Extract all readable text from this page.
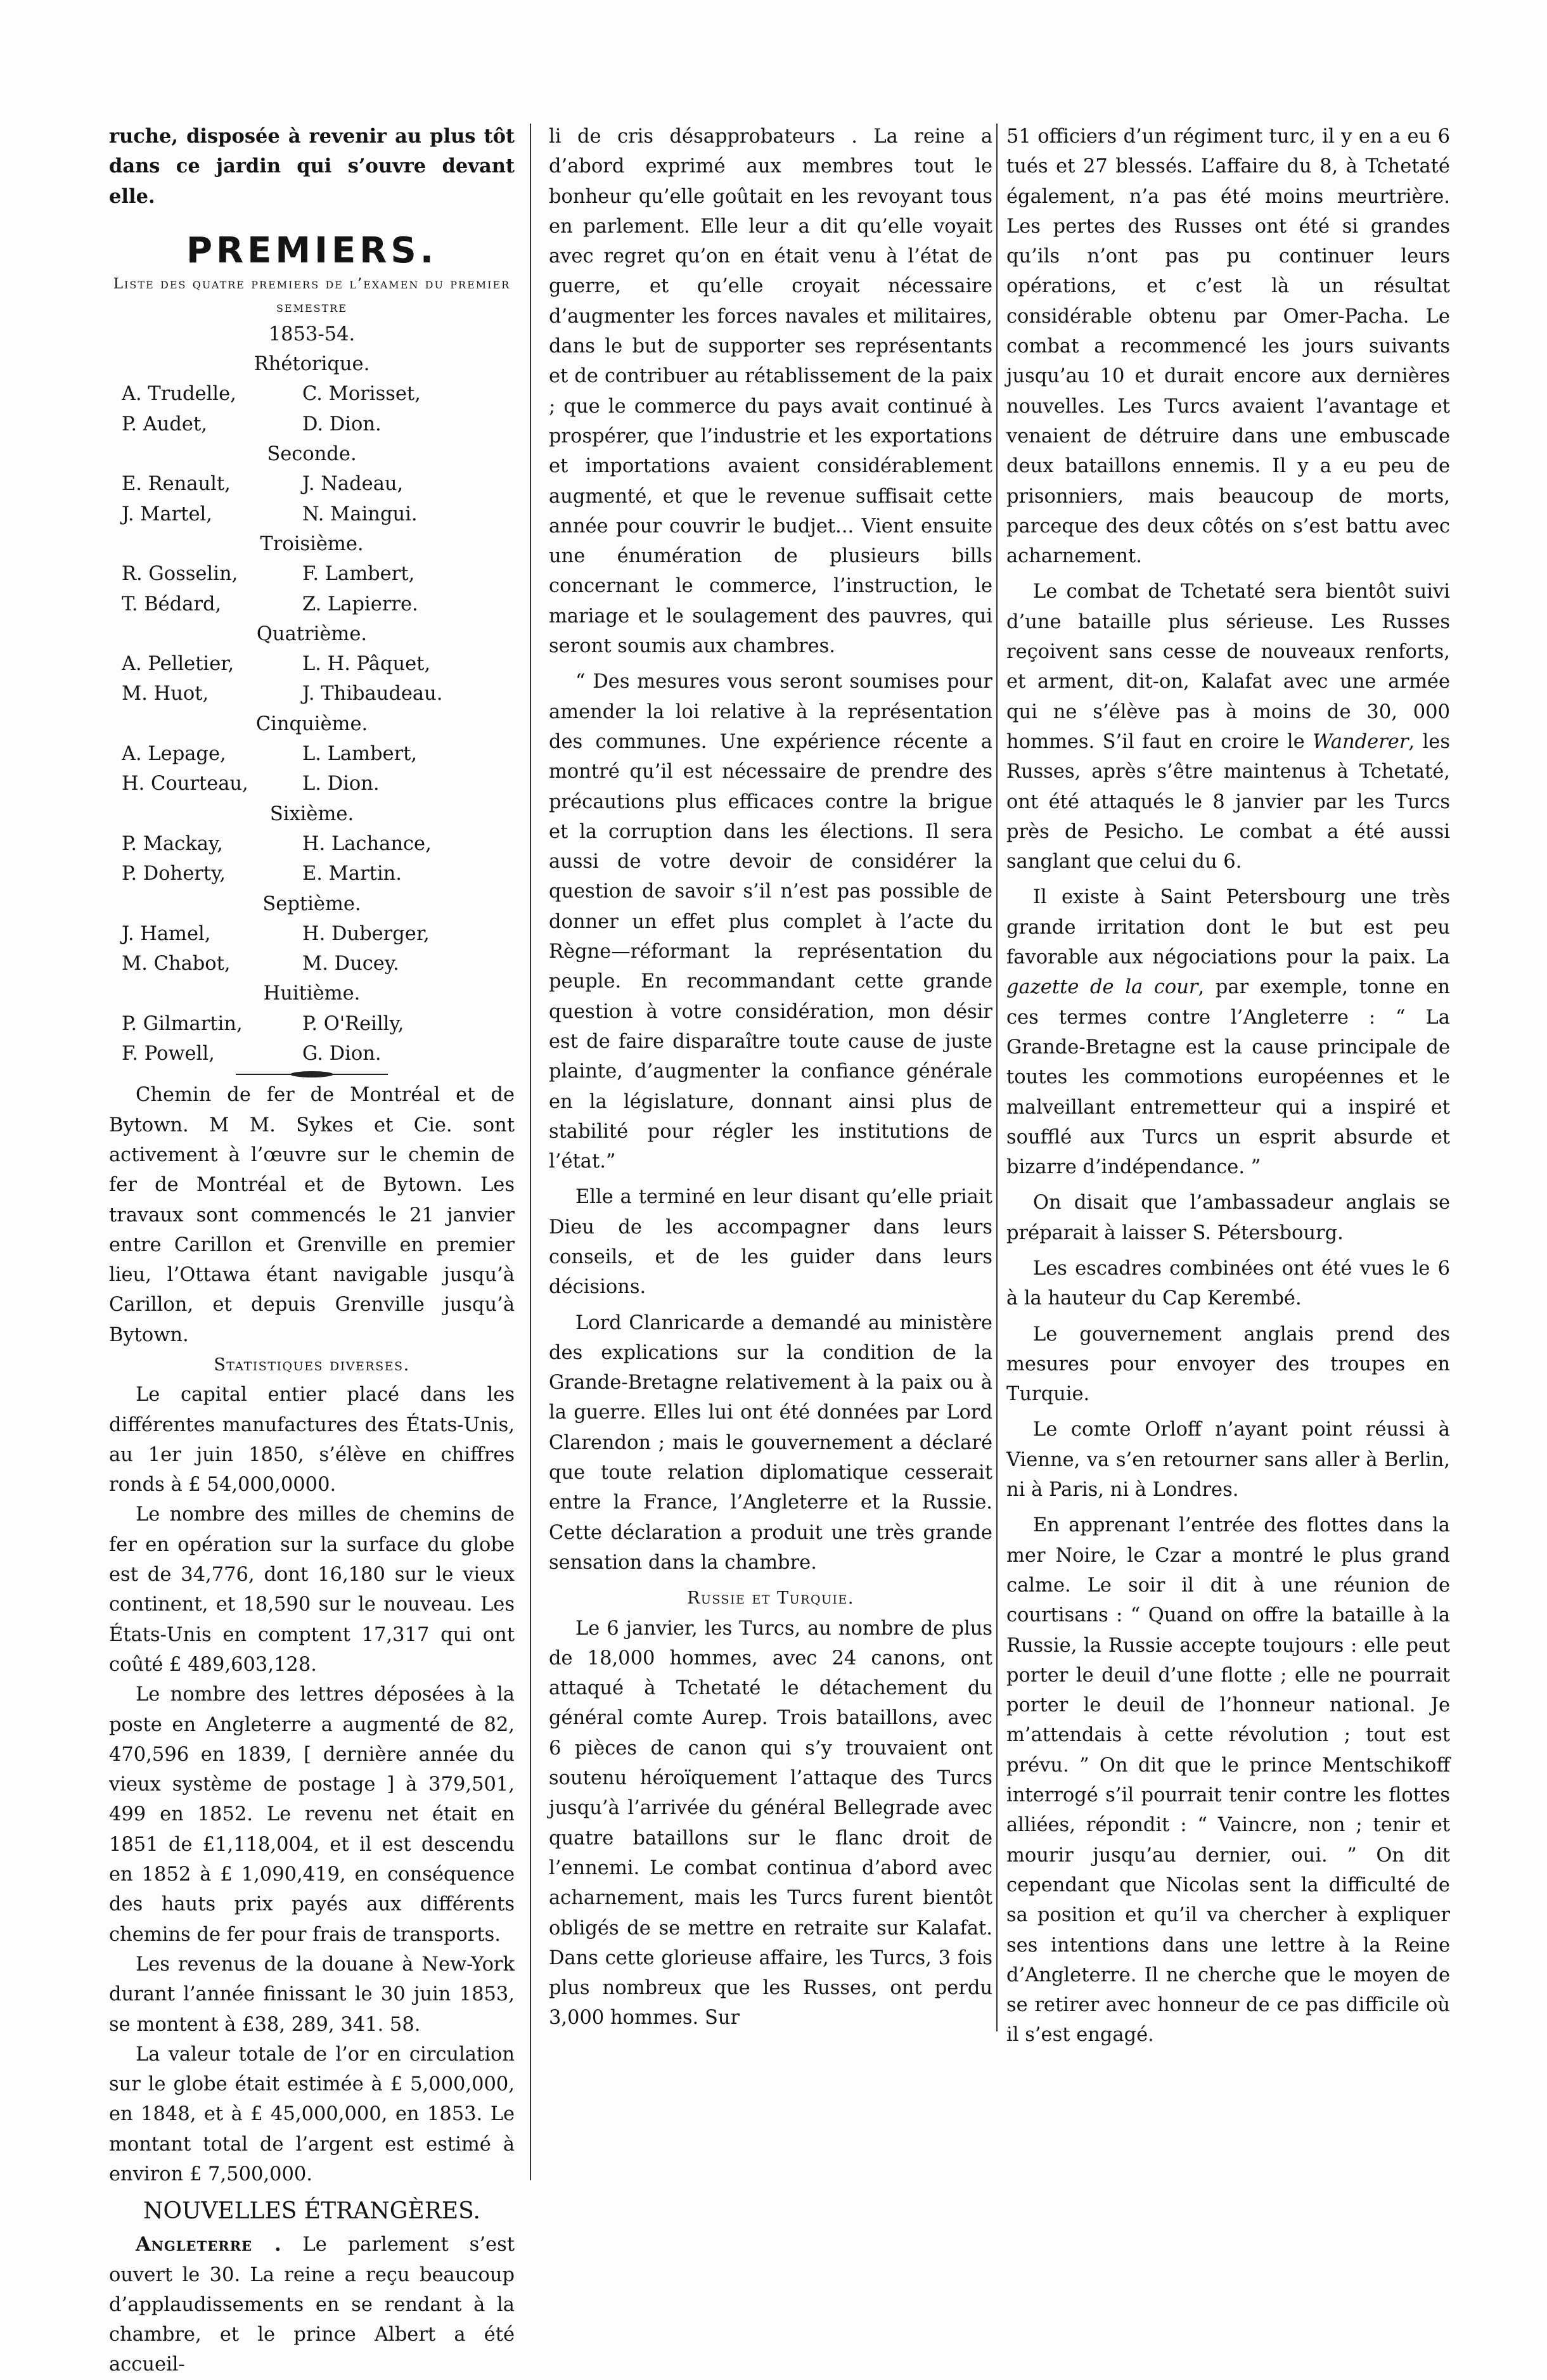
ruche, disposée à revenir au plus tôt dans ce jardin qui s’ouvre devant elle.

PREMIERS.
Liste des quatre premiers de l’examen du premier semestre
1853-54.
Rhétorique.
A. Trudelle,	C. Morisset,
P. Audet,	D. Dion.
Seconde.
E. Renault,	J. Nadeau,
J. Martel,	N. Maingui.
Troisième.
R. Gosselin,	F. Lambert,
T. Bédard,	Z. Lapierre.
Quatrième.
A. Pelletier,	L. H. Pâquet,
M. Huot,	J. Thibaudeau.
Cinquième.
A. Lepage,	L. Lambert,
H. Courteau,	L. Dion.
Sixième.
P. Mackay,	H. Lachance,
P. Doherty,	E. Martin.
Septième.
J. Hamel,	H. Duberger,
M. Chabot,	M. Ducey.
Huitième.
P. Gilmartin,	P. O'Reilly,
F. Powell,	G. Dion.

Chemin de fer de Montréal et de Bytown. M M. Sykes et Cie. sont activement à l’œuvre sur le chemin de fer de Montréal et de Bytown. Les travaux sont commencés le 21 janvier entre Carillon et Grenville en premier lieu, l’Ottawa étant navigable jusqu’à Carillon, et depuis Grenville jusqu’à Bytown.

Statistiques diverses.

Le capital entier placé dans les différentes manufactures des États-Unis, au 1er juin 1850, s’élève en chiffres ronds à £ 54,000,0000.

Le nombre des milles de chemins de fer en opération sur la surface du globe est de 34,776, dont 16,180 sur le vieux continent, et 18,590 sur le nouveau. Les États-Unis en comptent 17,317 qui ont coûté £ 489,603,128.

Le nombre des lettres déposées à la poste en Angleterre a augmenté de 82, 470,596 en 1839, [ dernière année du vieux système de postage ] à 379,501, 499 en 1852. Le revenu net était en 1851 de £1,118,004, et il est descendu en 1852 à £ 1,090,419, en conséquence des hauts prix payés aux différents chemins de fer pour frais de transports.

Les revenus de la douane à New-York durant l’année finissant le 30 juin 1853, se montent à £38, 289, 341. 58.

La valeur totale de l’or en circulation sur le globe était estimée à £ 5,000,000, en 1848, et à £ 45,000,000, en 1853. Le montant total de l’argent est estimé à environ £ 7,500,000.

NOUVELLES ÉTRANGÈRES.

Angleterre . Le parlement s’est ouvert le 30. La reine a reçu beaucoup d’applaudissements en se rendant à la chambre, et le prince Albert a été accueil-

li de cris désapprobateurs . La reine a d’abord exprimé aux membres tout le bonheur qu’elle goûtait en les revoyant tous en parlement. Elle leur a dit qu’elle voyait avec regret qu’on en était venu à l’état de guerre, et qu’elle croyait nécessaire d’augmenter les forces navales et militaires, dans le but de supporter ses représentants et de contribuer au rétablissement de la paix ; que le commerce du pays avait continué à prospérer, que l’industrie et les exportations et importations avaient considérablement augmenté, et que le revenue suffisait cette année pour couvrir le budjet... Vient ensuite une énumération de plusieurs bills concernant le commerce, l’instruction, le mariage et le soulagement des pauvres, qui seront soumis aux chambres.

“ Des mesures vous seront soumises pour amender la loi relative à la représentation des communes. Une expérience récente a montré qu’il est nécessaire de prendre des précautions plus efficaces contre la brigue et la corruption dans les élections. Il sera aussi de votre devoir de considérer la question de savoir s’il n’est pas possible de donner un effet plus complet à l’acte du Règne—réformant la représentation du peuple. En recommandant cette grande question à votre considération, mon désir est de faire disparaître toute cause de juste plainte, d’augmenter la confiance générale en la législature, donnant ainsi plus de stabilité pour régler les institutions de l’état.”

Elle a terminé en leur disant qu’elle priait Dieu de les accompagner dans leurs conseils, et de les guider dans leurs décisions.

Lord Clanricarde a demandé au ministère des explications sur la condition de la Grande-Bretagne relativement à la paix ou à la guerre. Elles lui ont été données par Lord Clarendon ; mais le gouvernement a déclaré que toute relation diplomatique cesserait entre la France, l’Angleterre et la Russie. Cette déclaration a produit une très grande sensation dans la chambre.

Russie et Turquie.

Le 6 janvier, les Turcs, au nombre de plus de 18,000 hommes, avec 24 canons, ont attaqué à Tchetaté le détachement du général comte Aurep. Trois bataillons, avec 6 pièces de canon qui s’y trouvaient ont soutenu héroïquement l’attaque des Turcs jusqu’à l’arrivée du général Bellegrade avec quatre bataillons sur le flanc droit de l’ennemi. Le combat continua d’abord avec acharnement, mais les Turcs furent bientôt obligés de se mettre en retraite sur Kalafat. Dans cette glorieuse affaire, les Turcs, 3 fois plus nombreux que les Russes, ont perdu 3,000 hommes. Sur

51 officiers d’un régiment turc, il y en a eu 6 tués et 27 blessés. L’affaire du 8, à Tchetaté également, n’a pas été moins meurtrière. Les pertes des Russes ont été si grandes qu’ils n’ont pas pu continuer leurs opérations, et c’est là un résultat considérable obtenu par Omer-Pacha. Le combat a recommencé les jours suivants jusqu’au 10 et durait encore aux dernières nouvelles. Les Turcs avaient l’avantage et venaient de détruire dans une embuscade deux bataillons ennemis. Il y a eu peu de prisonniers, mais beaucoup de morts, parceque des deux côtés on s’est battu avec acharnement.

Le combat de Tchetaté sera bientôt suivi d’une bataille plus sérieuse. Les Russes reçoivent sans cesse de nouveaux renforts, et arment, dit-on, Kalafat avec une armée qui ne s’élève pas à moins de 30, 000 hommes. S’il faut en croire le Wanderer, les Russes, après s’être maintenus à Tchetaté, ont été attaqués le 8 janvier par les Turcs près de Pesicho. Le combat a été aussi sanglant que celui du 6.

Il existe à Saint Petersbourg une très grande irritation dont le but est peu favorable aux négociations pour la paix. La gazette de la cour, par exemple, tonne en ces termes contre l’Angleterre : “ La Grande-Bretagne est la cause principale de toutes les commotions européennes et le malveillant entremetteur qui a inspiré et soufflé aux Turcs un esprit absurde et bizarre d’indépendance. ”

On disait que l’ambassadeur anglais se préparait à laisser S. Pétersbourg.

Les escadres combinées ont été vues le 6 à la hauteur du Cap Kerembé.

Le gouvernement anglais prend des mesures pour envoyer des troupes en Turquie.

Le comte Orloff n’ayant point réussi à Vienne, va s’en retourner sans aller à Berlin, ni à Paris, ni à Londres.

En apprenant l’entrée des flottes dans la mer Noire, le Czar a montré le plus grand calme. Le soir il dit à une réunion de courtisans : “ Quand on offre la bataille à la Russie, la Russie accepte toujours : elle peut porter le deuil d’une flotte ; elle ne pourrait porter le deuil de l’honneur national. Je m’attendais à cette révolution ; tout est prévu. ” On dit que le prince Mentschikoff interrogé s’il pourrait tenir contre les flottes alliées, répondit : “ Vaincre, non ; tenir et mourir jusqu’au dernier, oui. ” On dit cependant que Nicolas sent la difficulté de sa position et qu’il va chercher à expliquer ses intentions dans une lettre à la Reine d’Angleterre. Il ne cherche que le moyen de se retirer avec honneur de ce pas difficile où il s’est engagé.
